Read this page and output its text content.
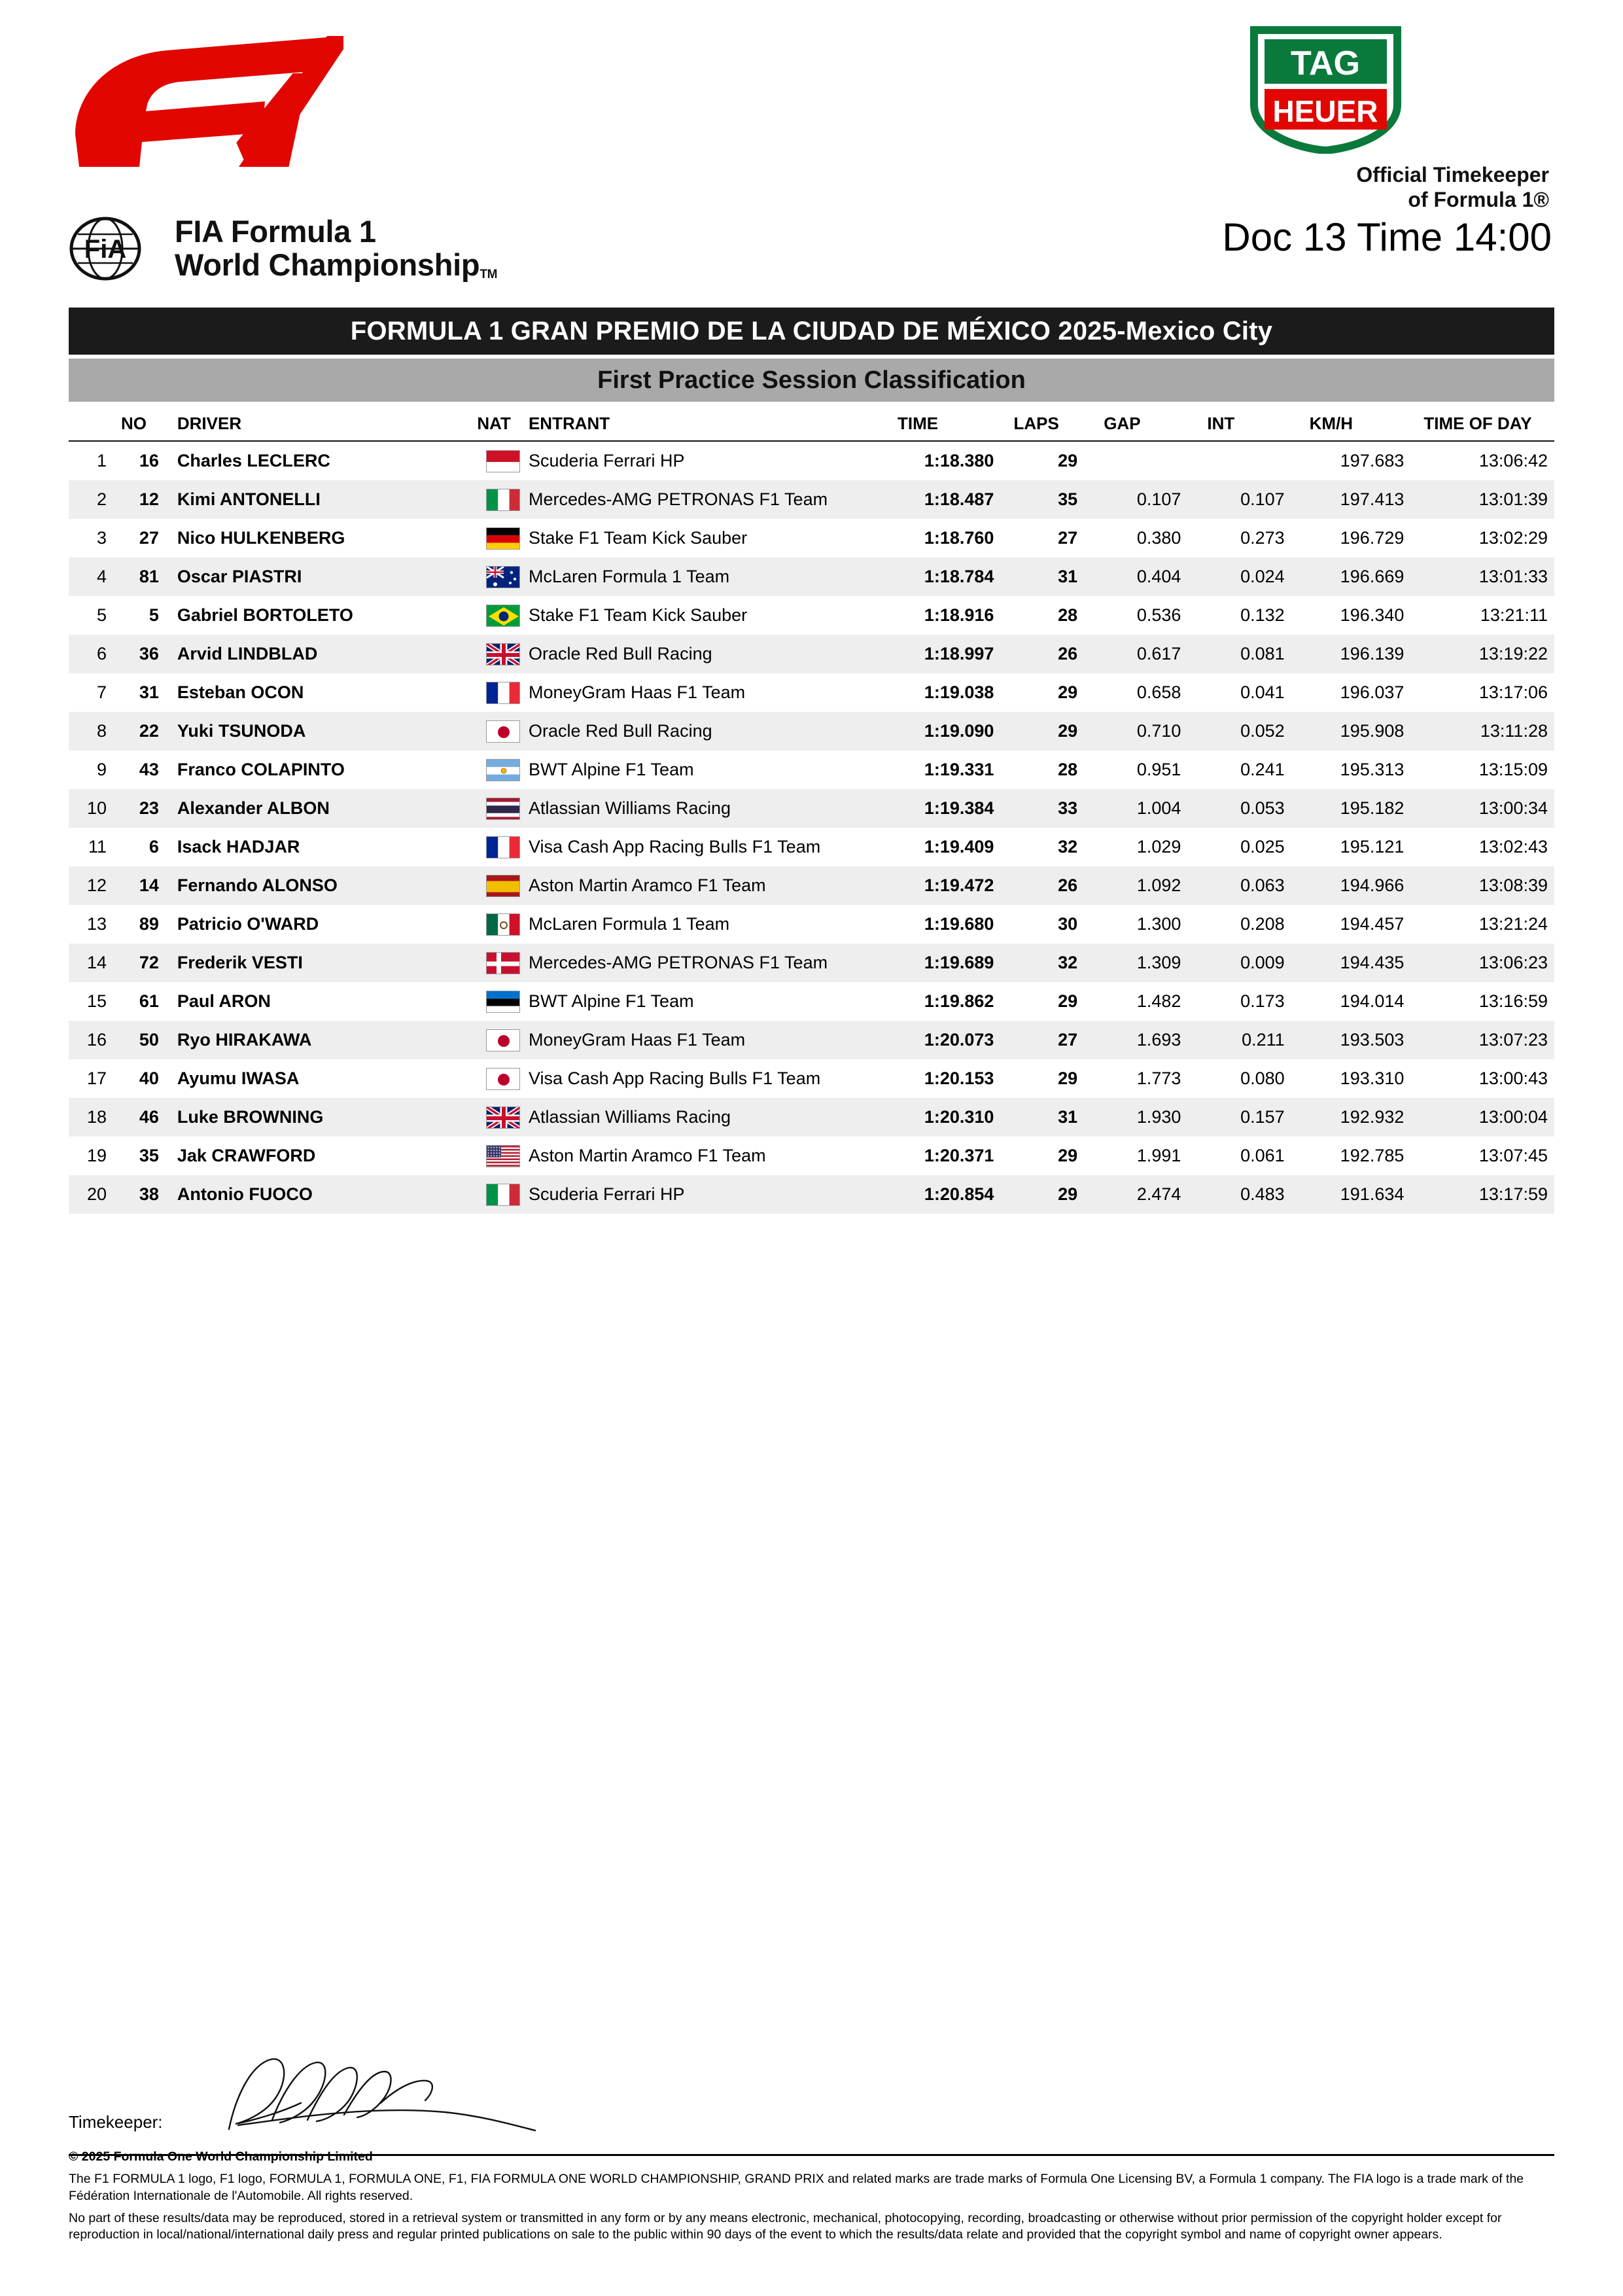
FiA
FIA Formula 1
World ChampionshipTM
TAG
HEUER
Official Timekeeper
of Formula 1®
Doc 13 Time 14:00
FORMULA 1 GRAN PREMIO DE LA CIUDAD DE MÉXICO 2025 - Mexico City
First Practice Session Classification
	NO	DRIVER	NAT	ENTRANT	TIME	LAPS	GAP	INT	KM/H	TIME OF DAY
1	16	Charles LECLERC		Scuderia Ferrari HP	1:18.380	29			197.683	13:06:42
2	12	Kimi ANTONELLI		Mercedes-AMG PETRONAS F1 Team	1:18.487	35	0.107	0.107	197.413	13:01:39
3	27	Nico HULKENBERG		Stake F1 Team Kick Sauber	1:18.760	27	0.380	0.273	196.729	13:02:29
4	81	Oscar PIASTRI		McLaren Formula 1 Team	1:18.784	31	0.404	0.024	196.669	13:01:33
5	5	Gabriel BORTOLETO		Stake F1 Team Kick Sauber	1:18.916	28	0.536	0.132	196.340	13:21:11
6	36	Arvid LINDBLAD		Oracle Red Bull Racing	1:18.997	26	0.617	0.081	196.139	13:19:22
7	31	Esteban OCON		MoneyGram Haas F1 Team	1:19.038	29	0.658	0.041	196.037	13:17:06
8	22	Yuki TSUNODA		Oracle Red Bull Racing	1:19.090	29	0.710	0.052	195.908	13:11:28
9	43	Franco COLAPINTO		BWT Alpine F1 Team	1:19.331	28	0.951	0.241	195.313	13:15:09
10	23	Alexander ALBON		Atlassian Williams Racing	1:19.384	33	1.004	0.053	195.182	13:00:34
11	6	Isack HADJAR		Visa Cash App Racing Bulls F1 Team	1:19.409	32	1.029	0.025	195.121	13:02:43
12	14	Fernando ALONSO		Aston Martin Aramco F1 Team	1:19.472	26	1.092	0.063	194.966	13:08:39
13	89	Patricio O'WARD		McLaren Formula 1 Team	1:19.680	30	1.300	0.208	194.457	13:21:24
14	72	Frederik VESTI		Mercedes-AMG PETRONAS F1 Team	1:19.689	32	1.309	0.009	194.435	13:06:23
15	61	Paul ARON		BWT Alpine F1 Team	1:19.862	29	1.482	0.173	194.014	13:16:59
16	50	Ryo HIRAKAWA		MoneyGram Haas F1 Team	1:20.073	27	1.693	0.211	193.503	13:07:23
17	40	Ayumu IWASA		Visa Cash App Racing Bulls F1 Team	1:20.153	29	1.773	0.080	193.310	13:00:43
18	46	Luke BROWNING		Atlassian Williams Racing	1:20.310	31	1.930	0.157	192.932	13:00:04
19	35	Jak CRAWFORD		Aston Martin Aramco F1 Team	1:20.371	29	1.991	0.061	192.785	13:07:45
20	38	Antonio FUOCO		Scuderia Ferrari HP	1:20.854	29	2.474	0.483	191.634	13:17:59
Timekeeper:

© 2025 Formula One World Championship Limited

The F1 FORMULA 1 logo, F1 logo, FORMULA 1, FORMULA ONE, F1, FIA FORMULA ONE WORLD CHAMPIONSHIP, GRAND PRIX and related marks are trade marks of Formula One Licensing BV, a Formula 1 company. The FIA logo is a trade mark of the Fédération Internationale de l'Automobile. All rights reserved.

No part of these results/data may be reproduced, stored in a retrieval system or transmitted in any form or by any means electronic, mechanical, photocopying, recording, broadcasting or otherwise without prior permission of the copyright holder except for reproduction in local/national/international daily press and regular printed publications on sale to the public within 90 days of the event to which the results/data relate and provided that the copyright symbol and name of copyright owner appears.
